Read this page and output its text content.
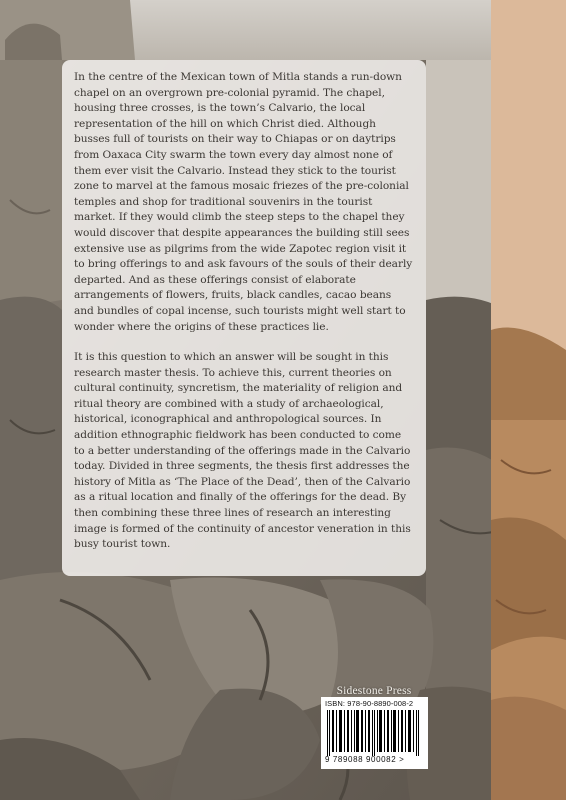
In the centre of the Mexican town of Mitla stands a run-down chapel on an overgrown pre-colonial pyramid. The chapel, housing three crosses, is the town’s Calvario, the local representation of the hill on which Christ died. Although busses full of tourists on their way to Chiapas or on daytrips from Oaxaca City swarm the town every day almost none of them ever visit the Calvario. Instead they stick to the tourist zone to marvel at the famous mosaic friezes of the pre-colonial temples and shop for traditional souvenirs in the tourist market. If they would climb the steep steps to the chapel they would discover that despite appearances the building still sees extensive use as pilgrims from the wide Zapotec region visit it to bring offerings to and ask favours of the souls of their dearly departed. And as these offerings consist of elaborate arrangements of flowers, fruits, black candles, cacao beans and bundles of copal incense, such tourists might well start to wonder where the origins of these practices lie.

It is this question to which an answer will be sought in this research master thesis. To achieve this, current theories on cultural continuity, syncretism, the materiality of religion and ritual theory are combined with a study of archaeological, historical, iconographical and anthropological sources. In addition ethnographic fieldwork has been conducted to come to a better understanding of the offerings made in the Calvario today. Divided in three segments, the thesis first addresses the history of Mitla as ‘The Place of the Dead’, then of the Calvario as a ritual location and finally of the offerings for the dead. By then combining these three lines of research an interesting image is formed of the continuity of ancestor veneration in this busy tourist town.

Sidestone Press
ISBN: 978-90-8890-008-2
9 789088 900082 >
